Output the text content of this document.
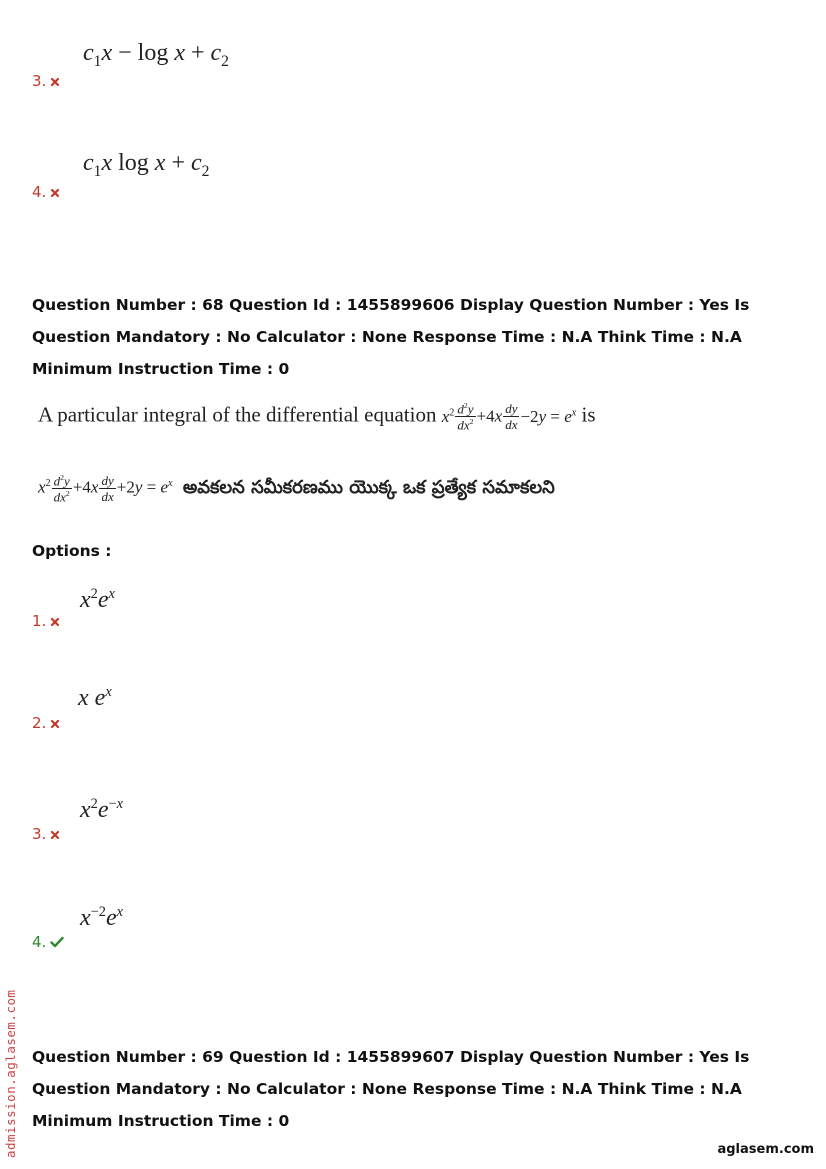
$c_1x - \log x + c_2$
3.
$c_1x$ $\log x + c_2$
4.
Question Number : 68 Question Id : 1455899606 Display Question Number : Yes Is Question Mandatory : No Calculator : None Response Time : N.A Think Time : N.A Minimum Instruction Time : 0
A particular integral of the differential equation $x^2 \frac{d^2y}{dx^2} +4x \frac{dy}{dx} -2y = e^x$ is
$x^2 \frac{d^2y}{dx^2} +4x \frac{dy}{dx} +2y = e^x$ అవకలన సమీకరణము యొక్క ఒక ప్రత్యేక సమాకలని
Options :
$x^2e^x$
1.
x $e^x$
2.
$x^2e^{-x}$
3.
$x^{-2}e^x$
4.
Question Number : 69 Question Id : 1455899607 Display Question Number : Yes Is Question Mandatory : No Calculator : None Response Time : N.A Think Time : N.A Minimum Instruction Time : 0
admission.aglasem.com	aglasem.com
